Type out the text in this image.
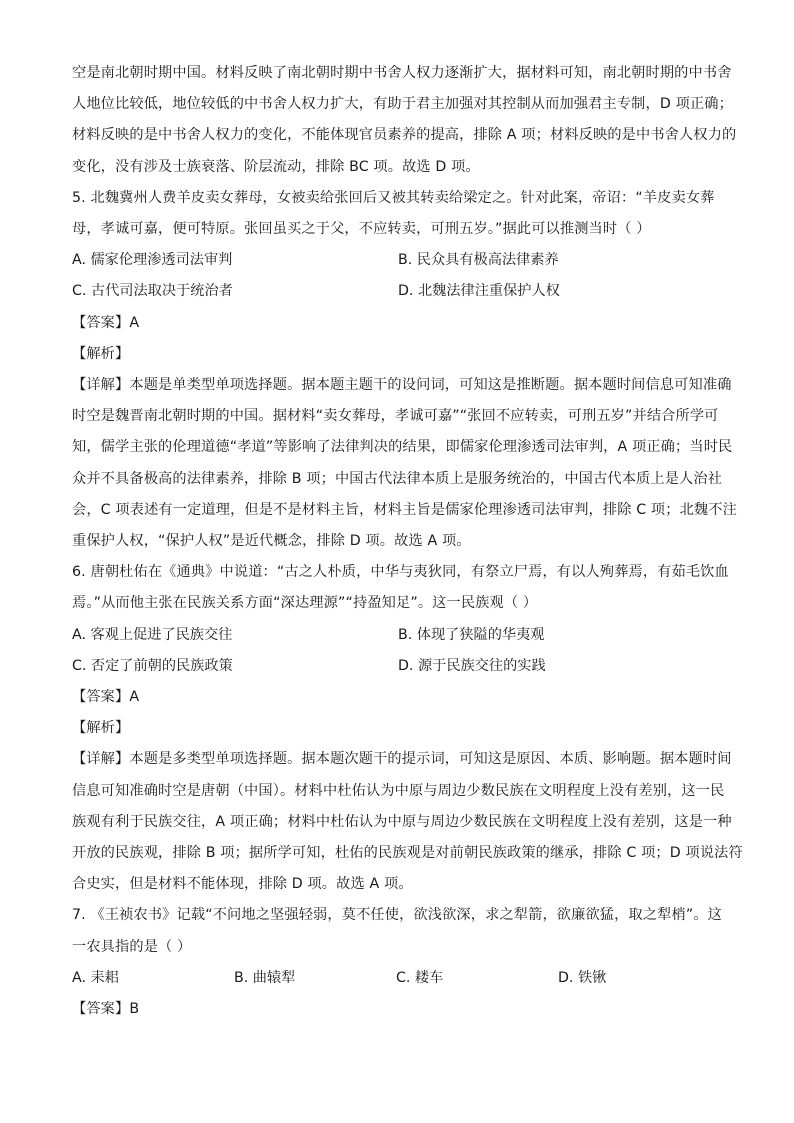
空是南北朝时期中国。材料反映了南北朝时期中书舍人权力逐渐扩大，据材料可知，南北朝时期的中书舍
人地位比较低，地位较低的中书舍人权力扩大，有助于君主加强对其控制从而加强君主专制，D 项正确；
材料反映的是中书舍人权力的变化，不能体现官员素养的提高，排除 A 项；材料反映的是中书舍人权力的
变化，没有涉及士族衰落、阶层流动，排除 BC 项。故选 D 项。
5. 北魏冀州人费羊皮卖女葬母，女被卖给张回后又被其转卖给梁定之。针对此案，帝诏：“羊皮卖女葬
母，孝诚可嘉，便可特原。张回虽买之于父，不应转卖，可刑五岁。”据此可以推测当时（ ）
A. 儒家伦理渗透司法审判	B. 民众具有极高法律素养
C. 古代司法取决于统治者	D. 北魏法律注重保护人权
【答案】A
【解析】
【详解】本题是单类型单项选择题。据本题主题干的设问词，可知这是推断题。据本题时间信息可知准确
时空是魏晋南北朝时期的中国。据材料“卖女葬母，孝诚可嘉”“张回不应转卖，可刑五岁”并结合所学可
知，儒学主张的伦理道德“孝道”等影响了法律判决的结果，即儒家伦理渗透司法审判，A 项正确；当时民
众并不具备极高的法律素养，排除 B 项；中国古代法律本质上是服务统治的，中国古代本质上是人治社
会，C 项表述有一定道理，但是不是材料主旨，材料主旨是儒家伦理渗透司法审判，排除 C 项；北魏不注
重保护人权，“保护人权”是近代概念，排除 D 项。故选 A 项。
6. 唐朝杜佑在《通典》中说道：“古之人朴质，中华与夷狄同，有祭立尸焉，有以人殉葬焉，有茹毛饮血
焉。”从而他主张在民族关系方面“深达理源”“持盈知足”。这一民族观（ ）
A. 客观上促进了民族交往	B. 体现了狭隘的华夷观
C. 否定了前朝的民族政策	D. 源于民族交往的实践
【答案】A
【解析】
【详解】本题是多类型单项选择题。据本题次题干的提示词，可知这是原因、本质、影响题。据本题时间
信息可知准确时空是唐朝（中国）。材料中杜佑认为中原与周边少数民族在文明程度上没有差别，这一民
族观有利于民族交往，A 项正确；材料中杜佑认为中原与周边少数民族在文明程度上没有差别，这是一种
开放的民族观，排除 B 项；据所学可知，杜佑的民族观是对前朝民族政策的继承，排除 C 项；D 项说法符
合史实，但是材料不能体现，排除 D 项。故选 A 项。
7. 《王祯农书》记载“不问地之坚强轻弱，莫不任使，欲浅欲深，求之犁箭，欲廉欲猛，取之犁梢”。这
一农具指的是（ ）
A. 耒耜	B. 曲辕犁	C. 耧车	D. 铁锹
【答案】B
